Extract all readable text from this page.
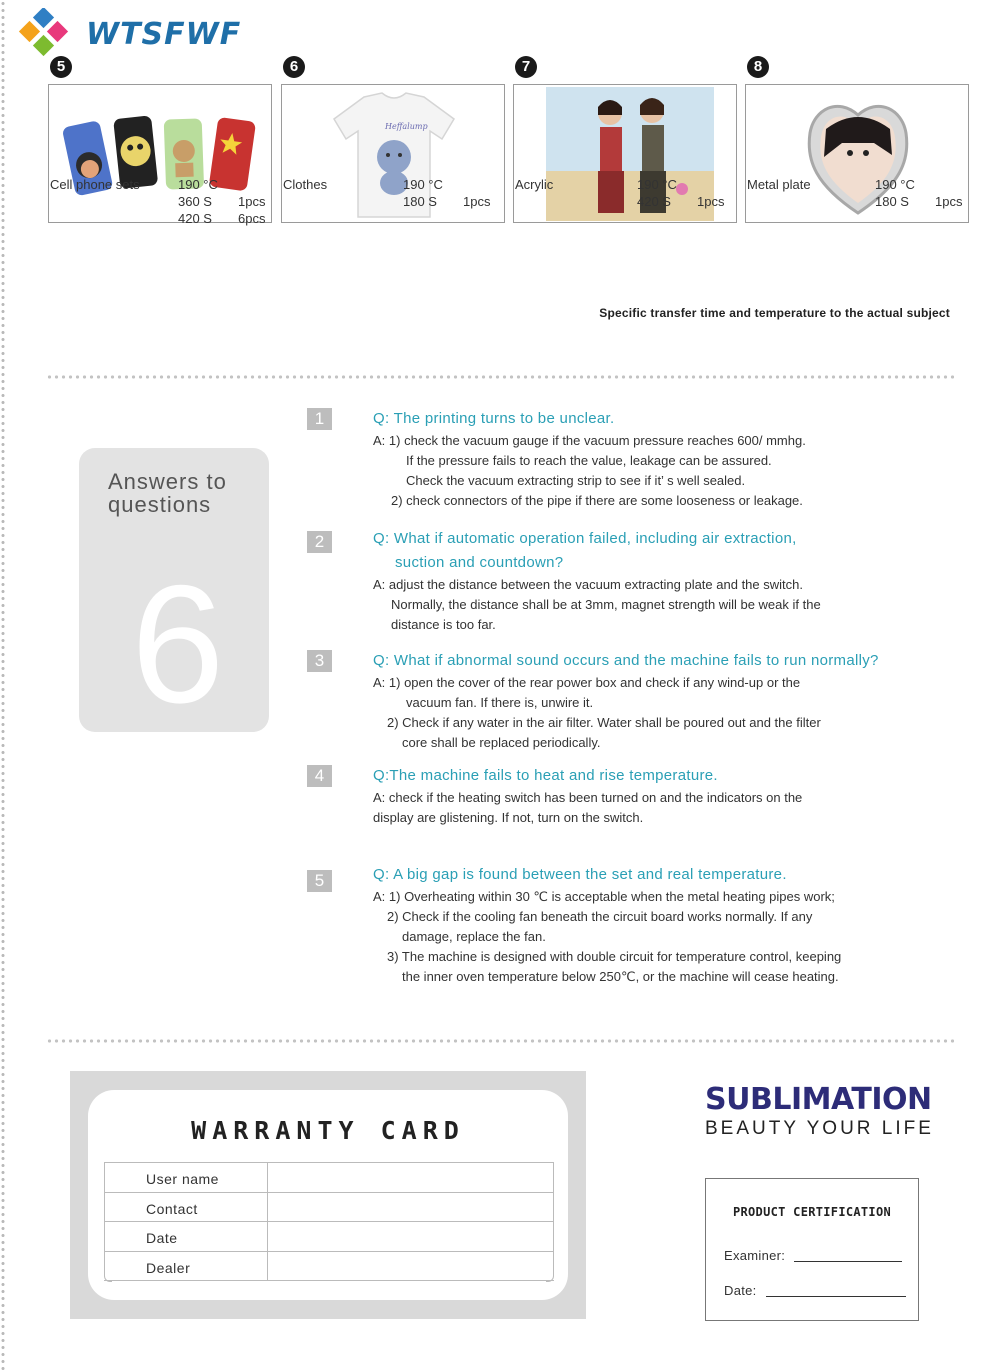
WTSFWF
5
Cell phone sets	190 °C
360 S 1pcs
420 S 6pcs
6
Heffalump
Clothes	190 °C
180 S 1pcs
7
Acrylic	190 °C
420 S 1pcs
8
Metal plate	190 °C
180 S 1pcs
Specific transfer time and temperature to the actual subject
Answers to
questions
6
1	Q: The printing turns to be unclear.
A: 1) check the vacuum gauge if the vacuum pressure reaches 600/ mmhg.
If the pressure fails to reach the value, leakage can be assured.
Check the vacuum extracting strip to see if it’ s well sealed.
2) check connectors of the pipe if there are some looseness or leakage.
2	Q: What if automatic operation failed, including air extraction,
suction and countdown?
A: adjust the distance between the vacuum extracting plate and the switch.
Normally, the distance shall be at 3mm, magnet strength will be weak if the
distance is too far.
3	Q: What if abnormal sound occurs and the machine fails to run normally?
A: 1) open the cover of the rear power box and check if any wind-up or the
vacuum fan. If there is, unwire it.
2) Check if any water in the air filter. Water shall be poured out and the filter
core shall be replaced periodically.
4	Q:The machine fails to heat and rise temperature.
A: check if the heating switch has been turned on and the indicators on the
display are glistening. If not, turn on the switch.
5	Q: A big gap is found between the set and real temperature.
A: 1) Overheating within 30 ℃ is acceptable when the metal heating pipes work;
2) Check if the cooling fan beneath the circuit board works normally. If any
damage, replace the fan.
3) The machine is designed with double circuit for temperature control, keeping
the inner oven temperature below 250℃, or the machine will cease heating.
WARRANTY CARD
User name
Contact
Date
Dealer
SUBLIMATION
BEAUTY YOUR LIFE
PRODUCT CERTIFICATION
Examiner:
Date:
